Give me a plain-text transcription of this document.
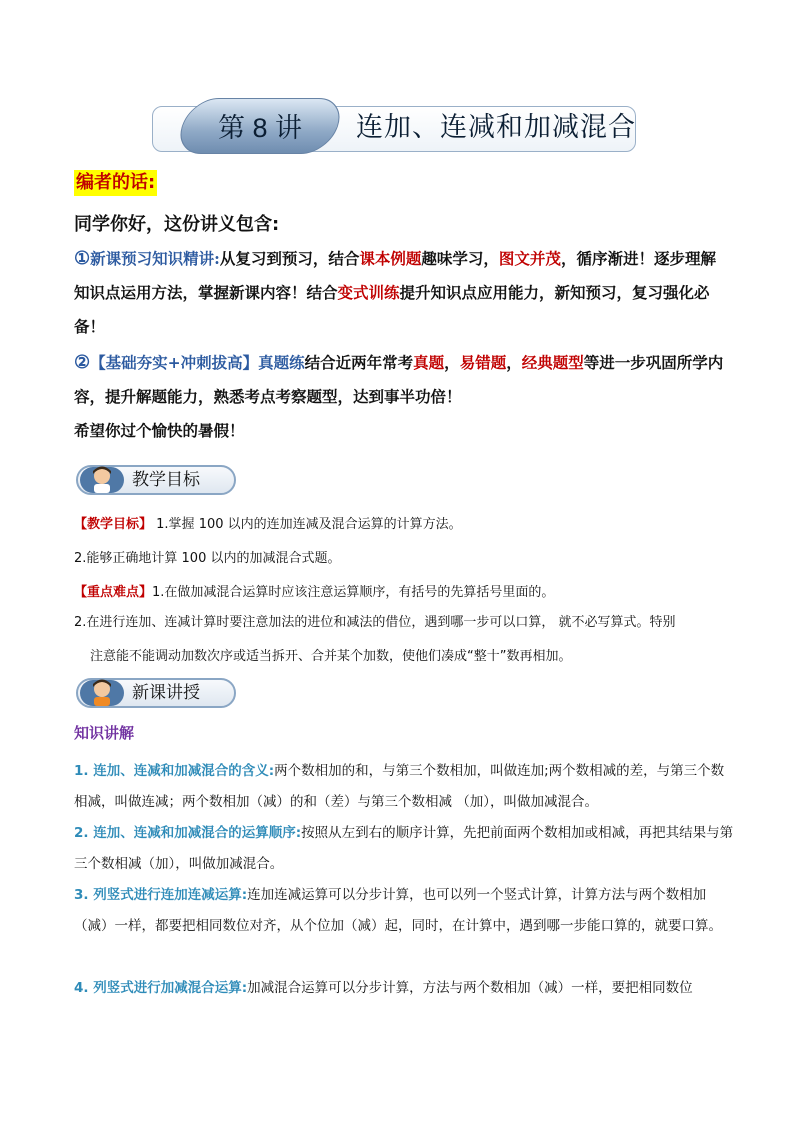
第 8 讲	连加、连减和加减混合
编者的话:
同学你好，这份讲义包含:
①新课预习知识精讲:从复习到预习，结合课本例题趣味学习，图文并茂，循序渐进！逐步理解知识点运用方法，掌握新课内容！结合变式训练提升知识点应用能力，新知预习，复习强化必备！
②【基础夯实+冲刺拔高】真题练结合近两年常考真题，易错题，经典题型等进一步巩固所学内容，提升解题能力，熟悉考点考察题型，达到事半功倍！
希望你过个愉快的暑假！
教学目标
【教学目标】 1.掌握 100 以内的连加连减及混合运算的计算方法。
2.能够正确地计算 100 以内的加减混合式题。
【重点难点】1.在做加减混合运算时应该注意运算顺序，有括号的先算括号里面的。
2.在进行连加、连减计算时要注意加法的进位和减法的借位，遇到哪一步可以口算， 就不必写算式。特别
注意能不能调动加数次序或适当拆开、合并某个加数，使他们凑成“整十”数再相加。
新课讲授
知识讲解
1. 连加、连减和加减混合的含义:两个数相加的和，与第三个数相加，叫做连加;两个数相减的差，与第三个数相减，叫做连减；两个数相加（减）的和（差）与第三个数相减 （加），叫做加减混合。
2. 连加、连减和加减混合的运算顺序:按照从左到右的顺序计算，先把前面两个数相加或相减，再把其结果与第三个数相减（加），叫做加减混合。
3. 列竖式进行连加连减运算:连加连减运算可以分步计算，也可以列一个竖式计算，计算方法与两个数相加（减）一样，都要把相同数位对齐，从个位加（减）起，同时，在计算中，遇到哪一步能口算的，就要口算。
4. 列竖式进行加减混合运算:加减混合运算可以分步计算，方法与两个数相加（减）一样，要把相同数位
